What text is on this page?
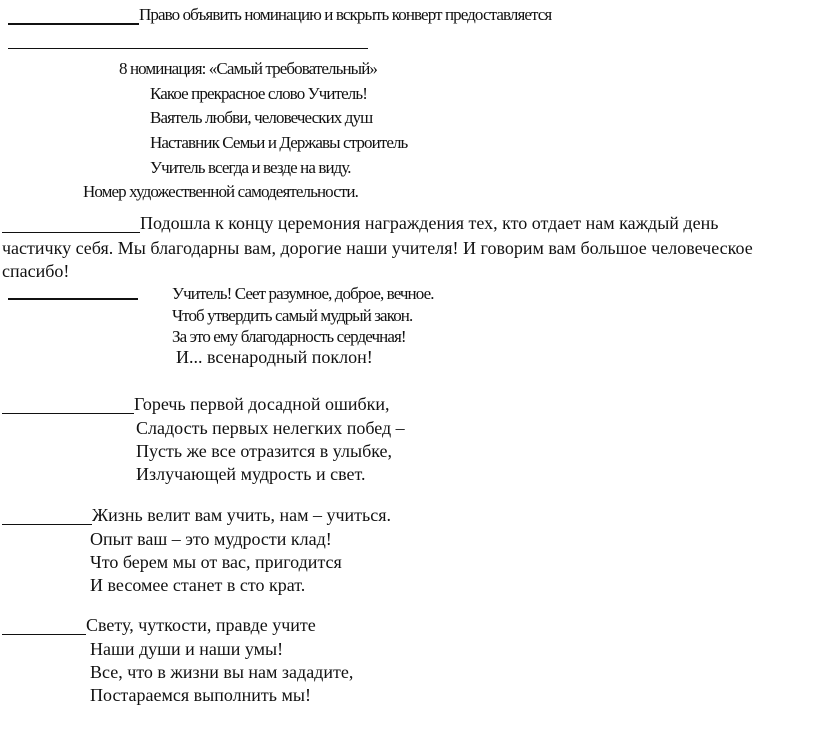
Право объявить номинацию и вскрыть конверт предоставляется
8 номинация: «Самый требовательный»
Какое прекрасное слово Учитель!
Ваятель любви, человеческих душ
Наставник Семьи и Державы строитель
Учитель всегда и везде на виду.
Номер художественной самодеятельности.
Подошла к концу церемония награждения тех, кто отдает нам каждый день
частичку себя. Мы благодарны вам, дорогие наши учителя! И говорим вам большое человеческое
спасибо!
Учитель! Сеет разумное, доброе, вечное.
Чтоб утвердить самый мудрый закон.
За это ему благодарность сердечная!
И... всенародный поклон!
Горечь первой досадной ошибки,
Сладость первых нелегких побед –
Пусть же все отразится в улыбке,
Излучающей мудрость и свет.
Жизнь велит вам учить, нам – учиться.
Опыт ваш – это мудрости клад!
Что берем мы от вас, пригодится
И весомее станет в сто крат.
Свету, чуткости, правде учите
Наши души и наши умы!
Все, что в жизни вы нам зададите,
Постараемся выполнить мы!
